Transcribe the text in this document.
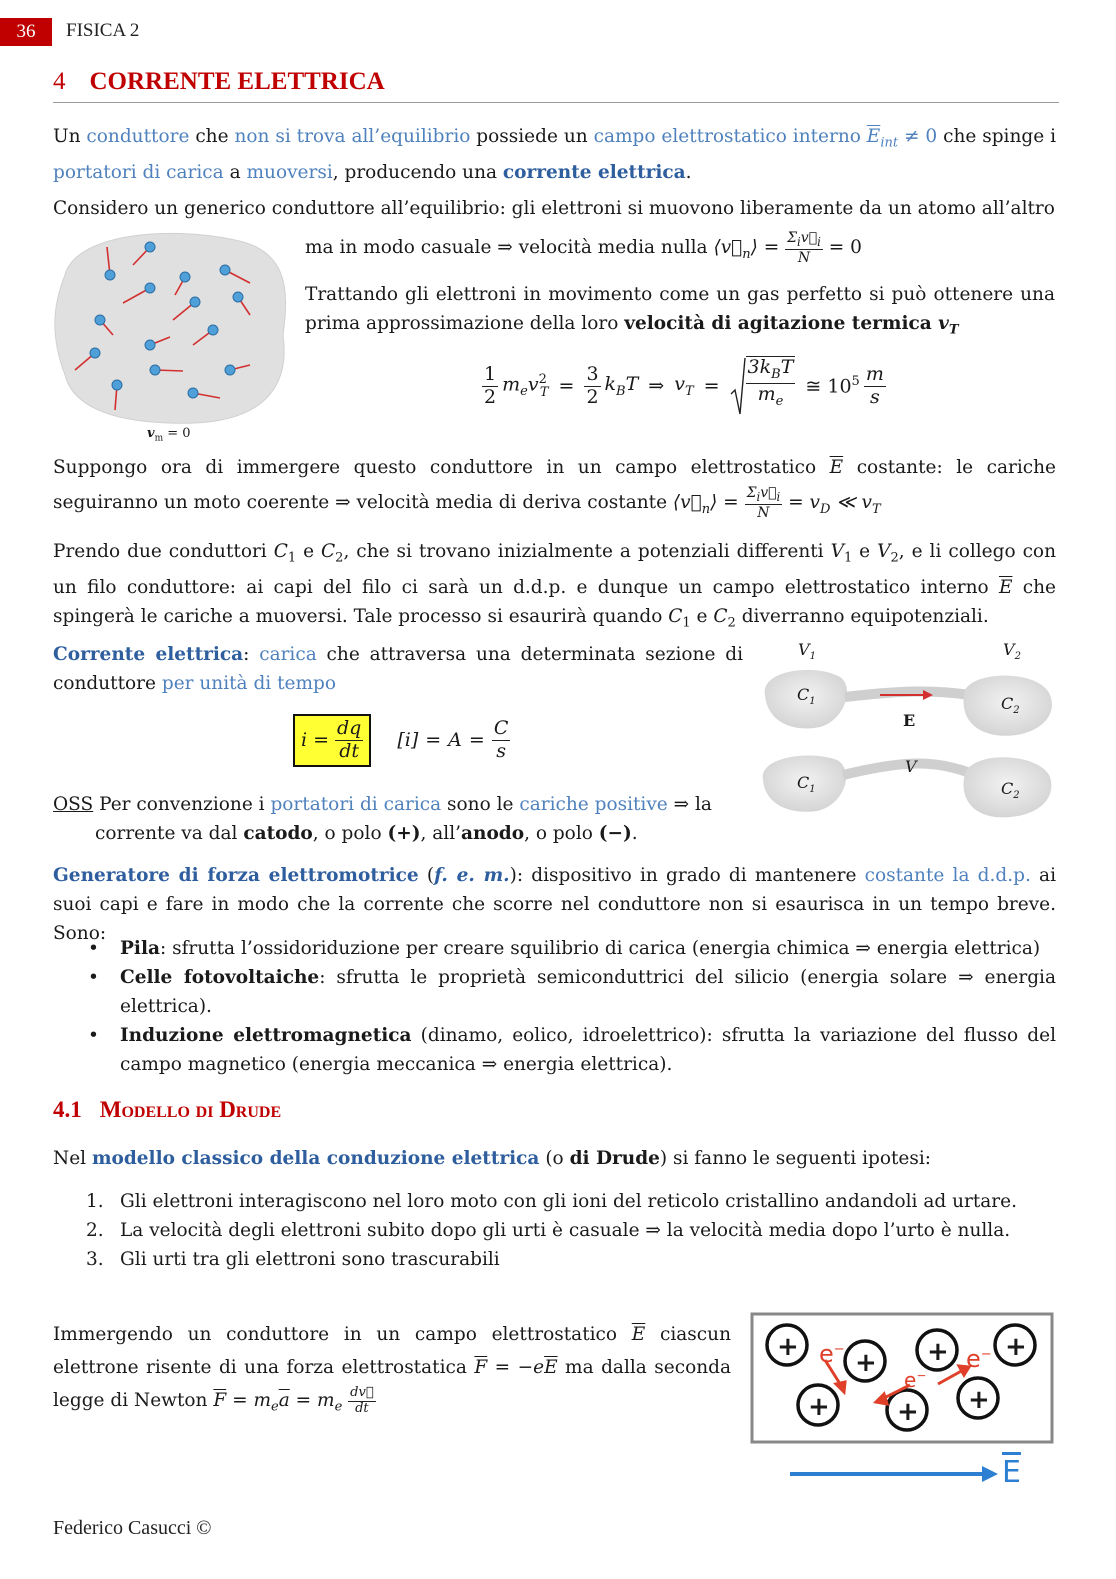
36	FISICA 2
4 CORRENTE ELETTRICA
Un conduttore che non si trova all’equilibrio possiede un campo elettrostatico interno $\overline{E}_{int} \ne 0$ che spinge i portatori di carica a muoversi, producendo una corrente elettrica.
Considero un generico conduttore all’equilibrio: gli elettroni si muovono liberamente da un atomo all’altro
ma in modo casuale ⇒ velocità media nulla $⟨v⃗_n⟩ = \frac{\Sigma_iv⃗_i}{N} = 0$
Trattando gli elettroni in movimento come un gas perfetto si può ottenere una prima approssimazione della loro velocità di agitazione termica $v_T$
$v_m = 0$
$\frac{1}{2} m_ev^2_T = \frac{3}{2} k_BT$ ⇒ $v_T = \frac{3k_BT}{m_e}$ ≅ $10^5 \frac{m}{s}$
Suppongo ora di immergere questo conduttore in un campo elettrostatico $\overline{E}$ costante: le cariche seguiranno un moto coerente ⇒ velocità media di deriva costante $⟨v⃗_n⟩ = \frac{\Sigma_iv⃗_i}{N} = v_D$ ≪ $v_T$
Prendo due conduttori $C_1$ e $C_2$, che si trovano inizialmente a potenziali differenti $V_1$ e $V_2$, e li collego con un filo conduttore: ai capi del filo ci sarà un d.d.p. e dunque un campo elettrostatico interno $\overline{E}$ che spingerà le cariche a muoversi. Tale processo si esaurirà quando $C_1$ e $C_2$ diverranno equipotenziali.
Corrente elettrica: carica che attraversa una determinata sezione di conduttore per unità di tempo
$i = \frac{dq}{dt} [i] = A = \frac{C}{s}$
$V_1$	$V_2$
$C_1$	$C_2$
E
V
$C_1$	$C_2$
OSS Per convenzione i portatori di carica sono le cariche positive ⇒ la
corrente va dal catodo, o polo (+), all’anodo, o polo (−).
Generatore di forza elettromotrice (f. e. m.): dispositivo in grado di mantenere costante la d.d.p. ai suoi capi e fare in modo che la corrente che scorre nel conduttore non si esaurisca in un tempo breve. Sono:
• Pila: sfrutta l’ossidoriduzione per creare squilibrio di carica (energia chimica ⇒ energia elettrica)
• Celle fotovoltaiche: sfrutta le proprietà semiconduttrici del silicio (energia solare ⇒ energia elettrica).
• Induzione elettromagnetica (dinamo, eolico, idroelettrico): sfrutta la variazione del flusso del campo magnetico (energia meccanica ⇒ energia elettrica).
4.1 Modello di Drude
Nel modello classico della conduzione elettrica (o di Drude) si fanno le seguenti ipotesi:
1. Gli elettroni interagiscono nel loro moto con gli ioni del reticolo cristallino andandoli ad urtare.
2. La velocità degli elettroni subito dopo gli urti è casuale ⇒ la velocità media dopo l’urto è nulla.
3. Gli urti tra gli elettroni sono trascurabili
Immergendo un conduttore in un campo elettrostatico $\overline{E}$ ciascun elettrone risente di una forza elettrostatica $\overline{F} = -e\overline{E}$ ma dalla seconda legge di Newton $\overline{F} = m_e\overline{a} = m_e \frac{dv⃗}{dt}$
+
+ + +
+	+ +
e−
e−
e−
$\overline{E}$
Federico Casucci ©
